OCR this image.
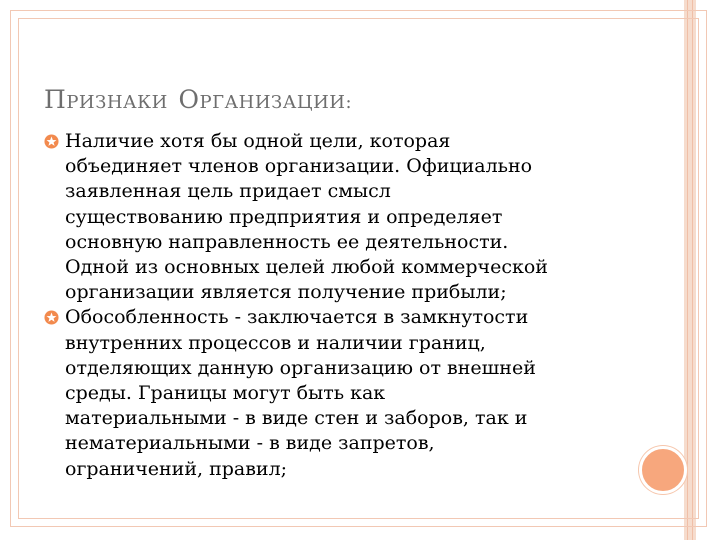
ПРИЗНАКИ ОРГАНИЗАЦИИ:
Наличие хотя бы одной цели, которая
объединяет членов организации. Официально
заявленная цель придает смысл
существованию предприятия и определяет
основную направленность ее деятельности.
Одной из основных целей любой коммерческой
организации является получение прибыли;
Обособленность - заключается в замкнутости
внутренних процессов и наличии границ,
отделяющих данную организацию от внешней
среды. Границы могут быть как
материальными - в виде стен и заборов, так и
нематериальными - в виде запретов,
ограничений, правил;
